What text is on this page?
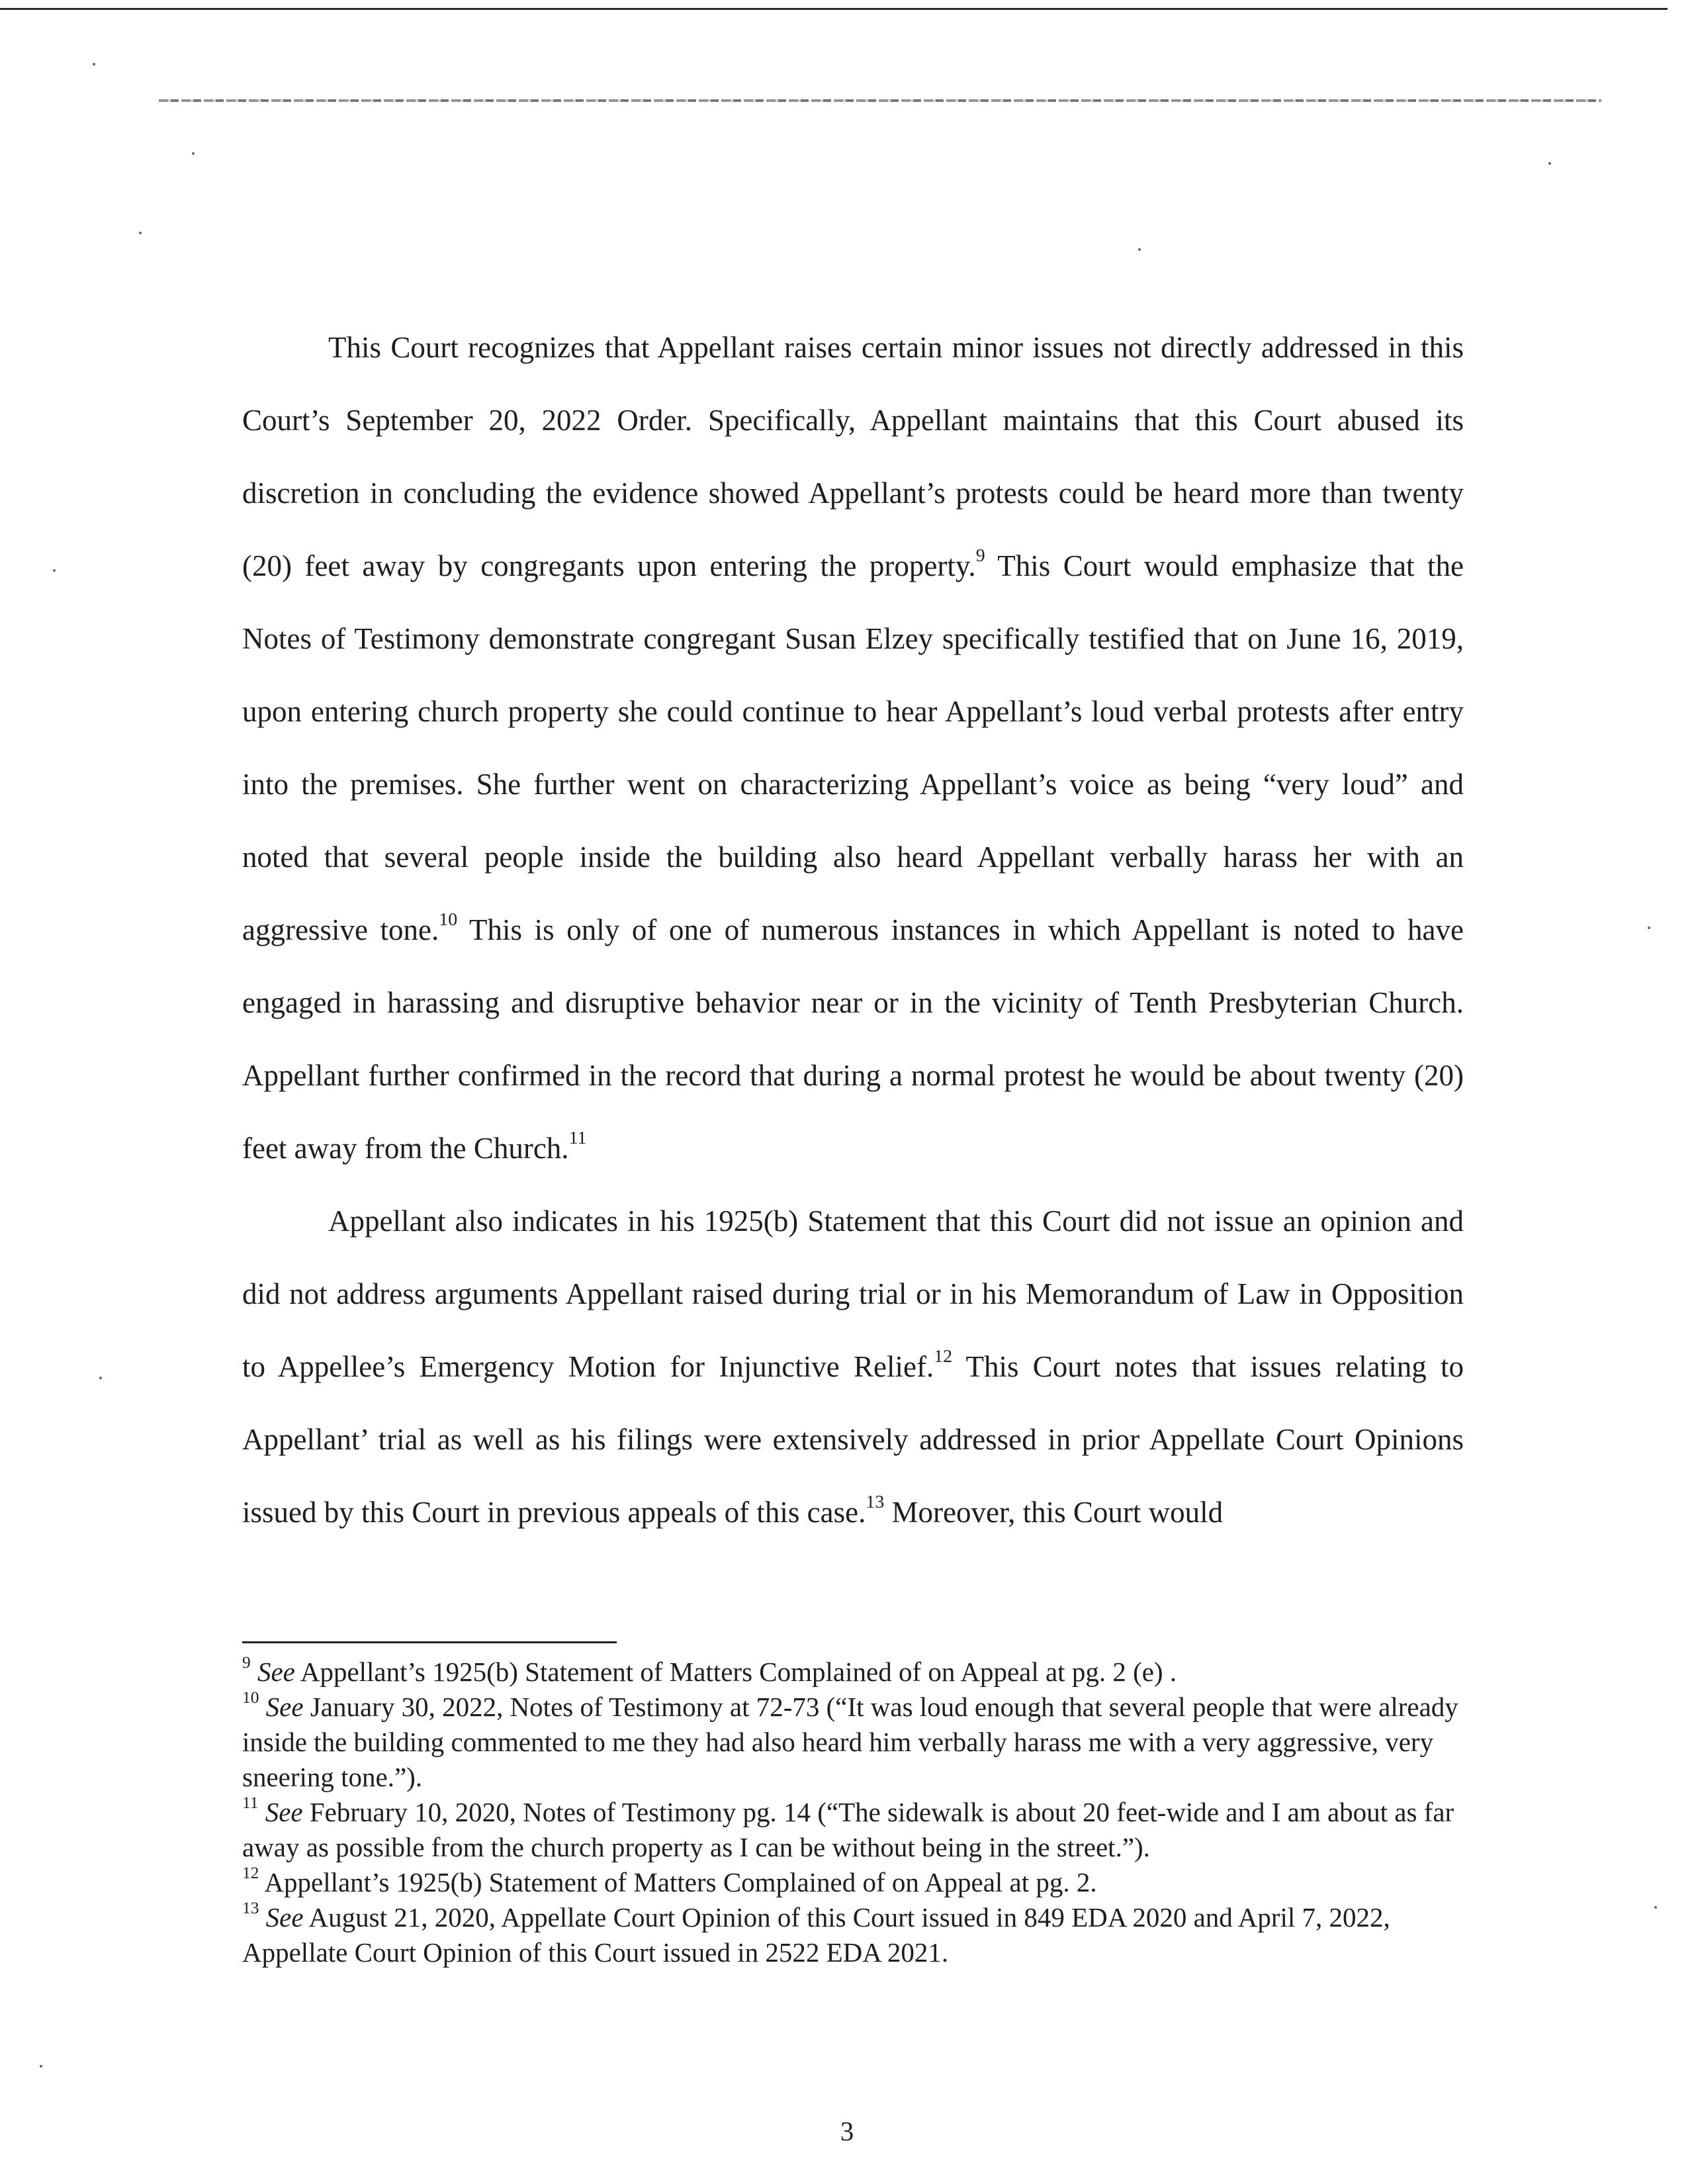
This Court recognizes that Appellant raises certain minor issues not directly addressed in this Court’s September 20, 2022 Order. Specifically, Appellant maintains that this Court abused its discretion in concluding the evidence showed Appellant’s protests could be heard more than twenty (20) feet away by congregants upon entering the property.$^9$ This Court would emphasize that the Notes of Testimony demonstrate congregant Susan Elzey specifically testified that on June 16, 2019, upon entering church property she could continue to hear Appellant’s loud verbal protests after entry into the premises. She further went on characterizing Appellant’s voice as being “very loud” and noted that several people inside the building also heard Appellant verbally harass her with an aggressive tone.$^{10}$ This is only of one of numerous instances in which Appellant is noted to have engaged in harassing and disruptive behavior near or in the vicinity of Tenth Presbyterian Church. Appellant further confirmed in the record that during a normal protest he would be about twenty (20) feet away from the Church.$^{11}$

Appellant also indicates in his 1925(b) Statement that this Court did not issue an opinion and did not address arguments Appellant raised during trial or in his Memorandum of Law in Opposition to Appellee’s Emergency Motion for Injunctive Relief.$^{12}$ This Court notes that issues relating to Appellant’ trial as well as his filings were extensively addressed in prior Appellate Court Opinions issued by this Court in previous appeals of this case.$^{13}$ Moreover, this Court would

$^9$ See Appellant’s 1925(b) Statement of Matters Complained of on Appeal at pg. 2 (e) .

$^{10}$ See January 30, 2022, Notes of Testimony at 72-73 (“It was loud enough that several people that were already inside the building commented to me they had also heard him verbally harass me with a very aggressive, very sneering tone.”).

$^{11}$ See February 10, 2020, Notes of Testimony pg. 14 (“The sidewalk is about 20 feet-wide and I am about as far away as possible from the church property as I can be without being in the street.”).

$^{12}$ Appellant’s 1925(b) Statement of Matters Complained of on Appeal at pg. 2.

$^{13}$ See August 21, 2020, Appellate Court Opinion of this Court issued in 849 EDA 2020 and April 7, 2022, Appellate Court Opinion of this Court issued in 2522 EDA 2021.

3
